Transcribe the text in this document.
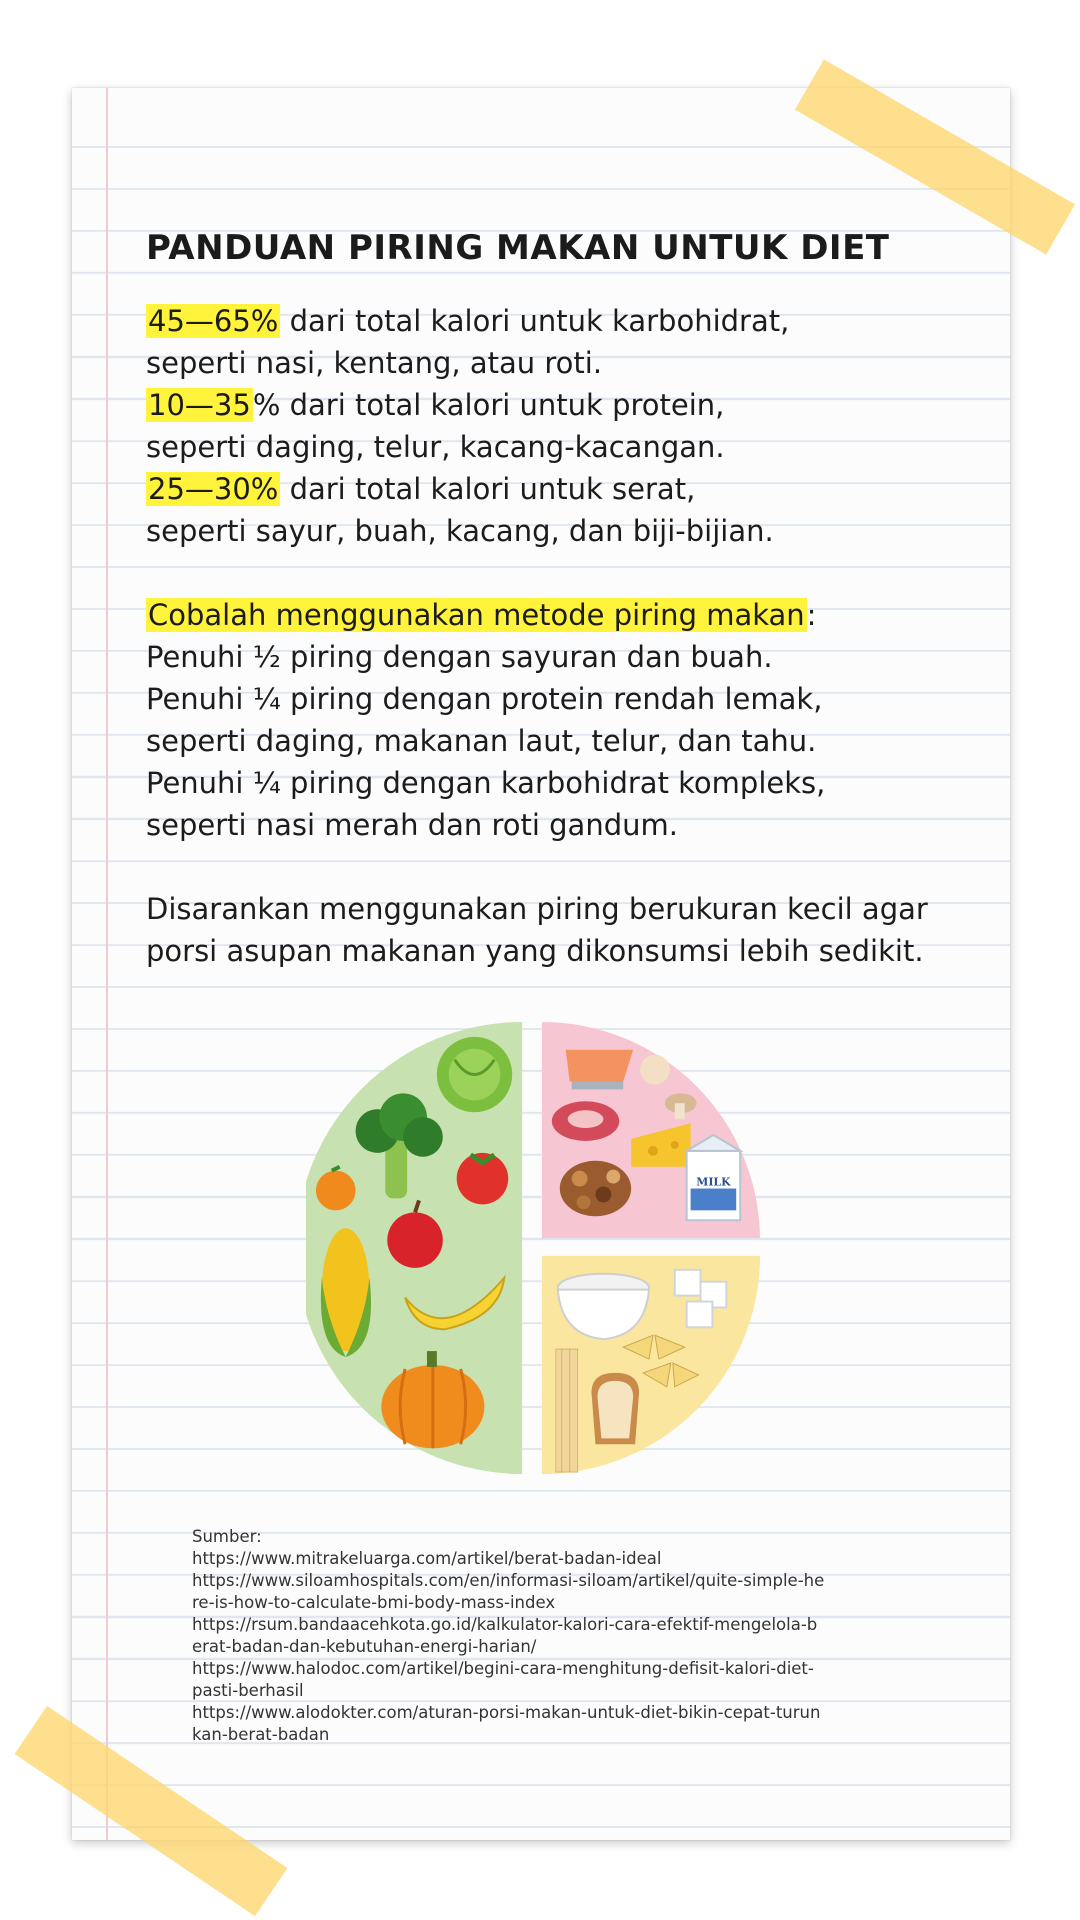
PANDUAN PIRING MAKAN UNTUK DIET
45—65% dari total kalori untuk karbohidrat,
seperti nasi, kentang, atau roti.
10—35% dari total kalori untuk protein,
seperti daging, telur, kacang-kacangan.
25—30% dari total kalori untuk serat,
seperti sayur, buah, kacang, dan biji-bijian.
Cobalah menggunakan metode piring makan:
Penuhi ½ piring dengan sayuran dan buah.
Penuhi ¼ piring dengan protein rendah lemak,
seperti daging, makanan laut, telur, dan tahu.
Penuhi ¼ piring dengan karbohidrat kompleks,
seperti nasi merah dan roti gandum.
Disarankan menggunakan piring berukuran kecil agar
porsi asupan makanan yang dikonsumsi lebih sedikit.
MILK
Sumber:
https://www.mitrakeluarga.com/artikel/berat-badan-ideal
https://www.siloamhospitals.com/en/informasi-siloam/artikel/quite-simple-he
re-is-how-to-calculate-bmi-body-mass-index
https://rsum.bandaacehkota.go.id/kalkulator-kalori-cara-efektif-mengelola-b
erat-badan-dan-kebutuhan-energi-harian/
https://www.halodoc.com/artikel/begini-cara-menghitung-defisit-kalori-diet-
pasti-berhasil
https://www.alodokter.com/aturan-porsi-makan-untuk-diet-bikin-cepat-turun
kan-berat-badan
